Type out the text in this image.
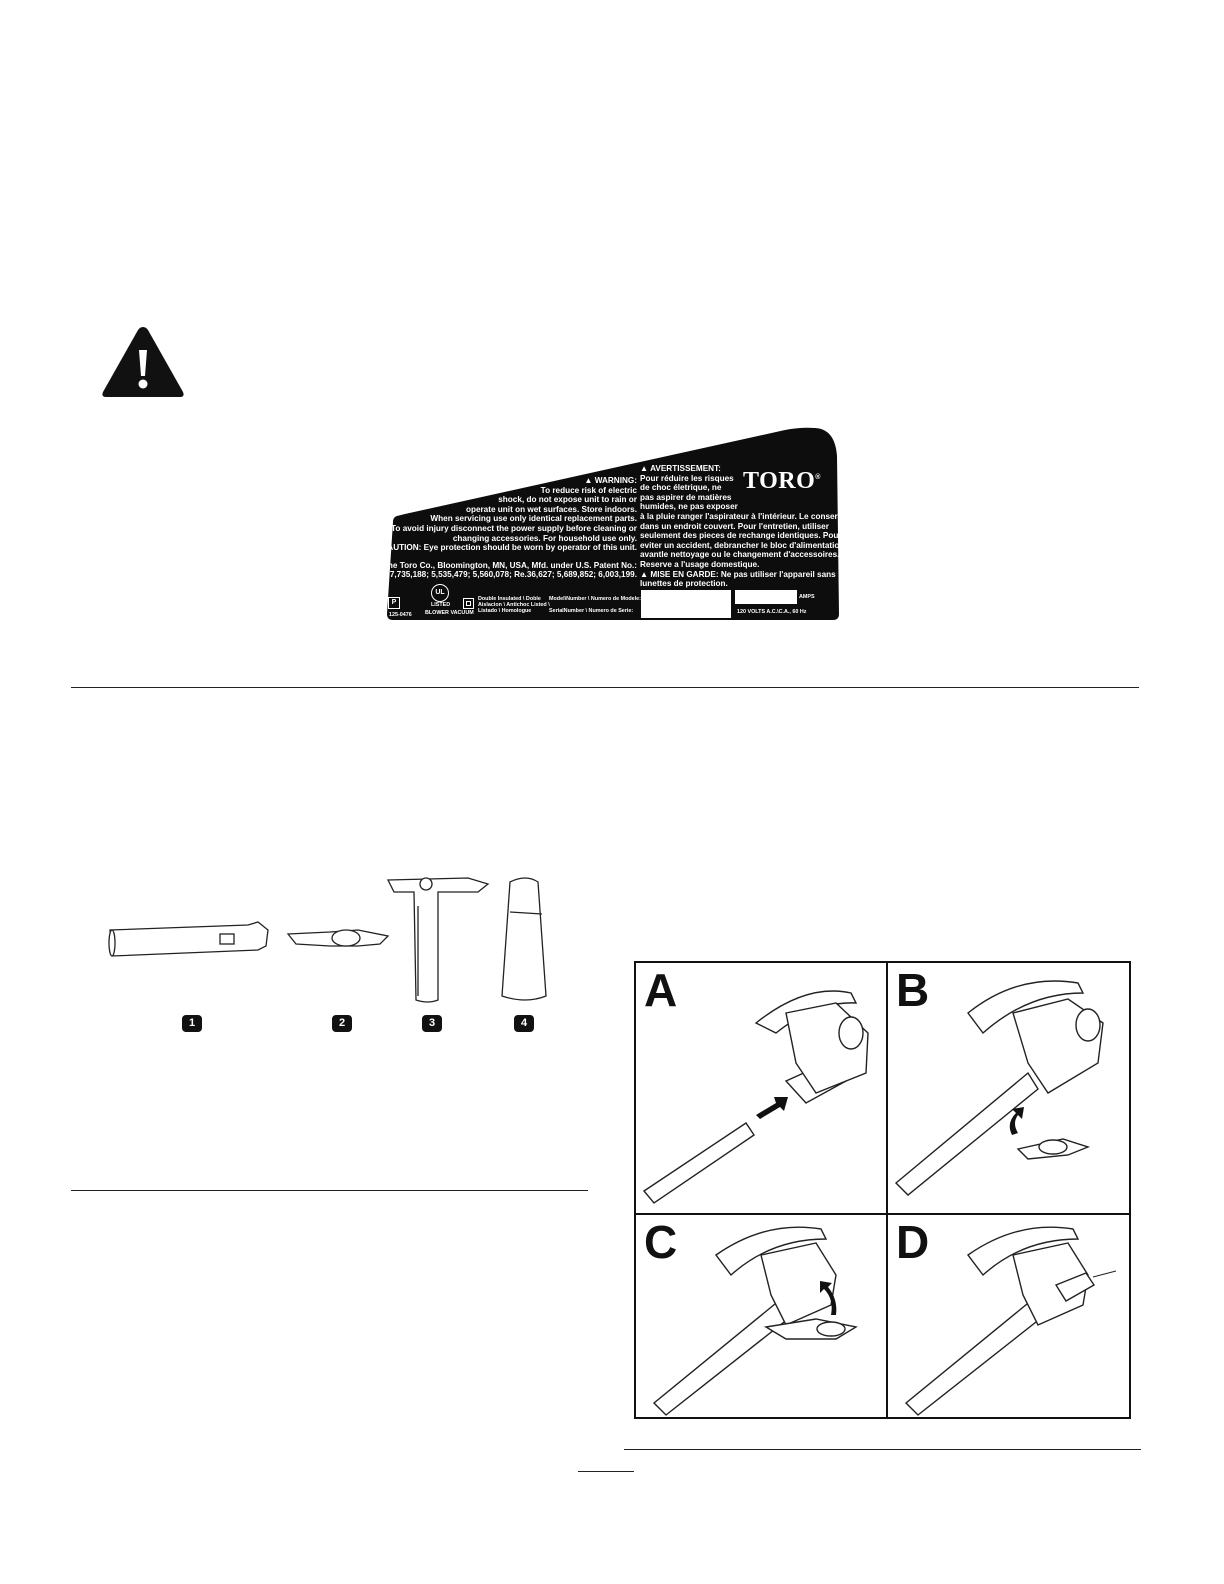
▲ WARNING:
To reduce risk of electric
shock, do not expose unit to rain or
operate unit on wet surfaces. Store indoors.
When servicing use only identical replacement parts.
To avoid injury disconnect the power supply before cleaning or
changing accessories. For household use only.
▲ CAUTION: Eye protection should be worn by operator of this unit.
The Toro Co., Bloomington, MN, USA, Mfd. under U.S. Patent No.:
7,735,188; 5,535,479; 5,560,078; Re.36,627; 5,689,852; 6,003,199.
▲ AVERTISSEMENT:
Pour réduire les risques
de choc életrique, ne
pas aspirer de matières
humides, ne pas exposer
à la pluie ranger l'aspirateur à l'intérieur. Le conserver
dans un endroit couvert. Pour l'entretien, utiliser
seulement des pieces de rechange identiques. Pour
eviter un accident, debrancher le bloc d'alimentation
avantle nettoyage ou le changement d'accessoires.
Reserve a l'usage domestique.
▲ MISE EN GARDE: Ne pas utiliser l'appareil sans
lunettes de protection.
TORO®
P
125-0476
UL
LISTED
BLOWER VACUUM
Double Insulated \ Doble Aislacion \ Antichoc Listed \ Listado \ Homologue
Model\Number \ Numero de Modele:
SerialNumber \ Numero de Serie:
AMPS
120 VOLTS A.C.\C.A., 60 Hz
1	2	3	4
A	B
C	D
